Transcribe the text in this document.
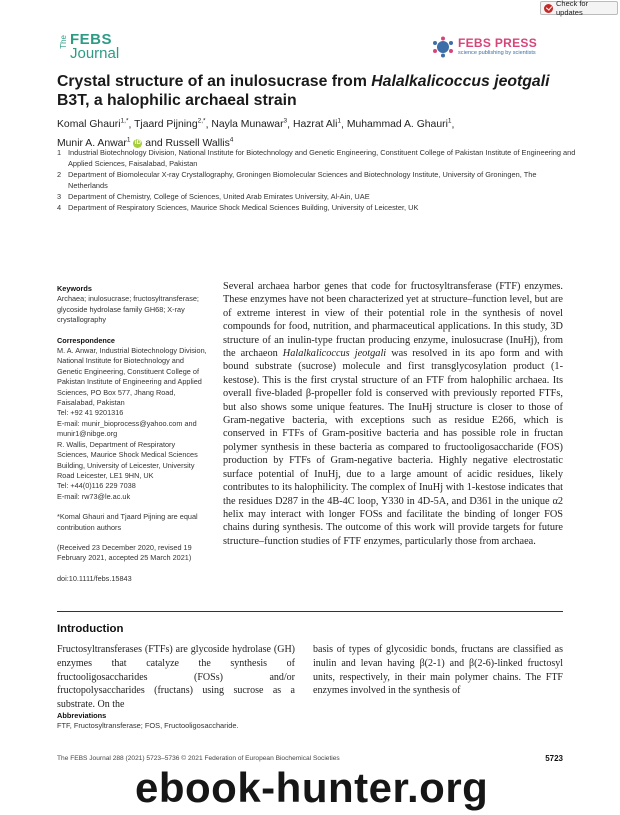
Check for updates
The FEBS
Journal
FEBS PRESS
science publishing by scientists
Crystal structure of an inulosucrase from Halalkalicoccus jeotgali B3T, a halophilic archaeal strain

Komal Ghauri$^{1,*}$, Tjaard Pijning$^{2,*}$, Nayla Munawar$^3$, Hazrat Ali$^1$, Muhammad A. Ghauri$^1$,
Munir A. Anwar$^1$ iD and Russell Wallis$^4$

1 Industrial Biotechnology Division, National Institute for Biotechnology and Genetic Engineering, Constituent College of Pakistan Institute of Engineering and Applied Sciences, Faisalabad, Pakistan
2 Department of Biomolecular X-ray Crystallography, Groningen Biomolecular Sciences and Biotechnology Institute, University of Groningen, The Netherlands
3 Department of Chemistry, College of Sciences, United Arab Emirates University, Al-Ain, UAE
4 Department of Respiratory Sciences, Maurice Shock Medical Sciences Building, University of Leicester, UK

Keywords

Archaea; inulosucrase; fructosyltransferase; glycoside hydrolase family GH68; X-ray crystallography

Correspondence

M. A. Anwar, Industrial Biotechnology Division, National Institute for Biotechnology and Genetic Engineering, Constituent College of Pakistan Institute of Engineering and Applied Sciences, PO Box 577, Jhang Road, Faisalabad, Pakistan

Tel: +92 41 9201316

E-mail: munir_bioprocess@yahoo.com and munir1@nibge.org

R. Wallis, Department of Respiratory Sciences, Maurice Shock Medical Sciences Building, University of Leicester, University Road Leicester, LE1 9HN, UK

Tel: +44(0)116 229 7038

E-mail: rw73@le.ac.uk

*Komal Ghauri and Tjaard Pijning are equal contribution authors

(Received 23 December 2020, revised 19 February 2021, accepted 25 March 2021)

doi:10.1111/febs.15843

Several archaea harbor genes that code for fructosyltransferase (FTF) enzymes. These enzymes have not been characterized yet at structure–function level, but are of extreme interest in view of their potential role in the synthesis of novel compounds for food, nutrition, and pharmaceutical applications. In this study, 3D structure of an inulin-type fructan producing enzyme, inulosucrase (InuHj), from the archaeon Halalkalicoccus jeotgali was resolved in its apo form and with bound substrate (sucrose) molecule and first transglycosylation product (1-kestose). This is the first crystal structure of an FTF from halophilic archaea. Its overall five-bladed β-propeller fold is conserved with previously reported FTFs, but also shows some unique features. The InuHj structure is closer to those of Gram-negative bacteria, with exceptions such as residue E266, which is conserved in FTFs of Gram-positive bacteria and has possible role in fructan polymer synthesis in these bacteria as compared to fructooligosaccharide (FOS) production by FTFs of Gram-negative bacteria. Highly negative electrostatic surface potential of InuHj, due to a large amount of acidic residues, likely contributes to its halophilicity. The complex of InuHj with 1-kestose indicates that the residues D287 in the 4B-4C loop, Y330 in 4D-5A, and D361 in the unique α2 helix may interact with longer FOSs and facilitate the binding of longer FOS chains during synthesis. The outcome of this work will provide targets for future structure–function studies of FTF enzymes, particularly those from archaea.

Introduction

Fructosyltransferases (FTFs) are glycoside hydrolase (GH) enzymes that catalyze the synthesis of fructooligosaccharides (FOSs) and/or fructopolysaccharides (fructans) using sucrose as a substrate. On the

basis of types of glycosidic bonds, fructans are classified as inulin and levan having β(2-1) and β(2-6)-linked fructosyl units, respectively, in their main polymer chains. The FTF enzymes involved in the synthesis of

Abbreviations
FTF, Fructosyltransferase; FOS, Fructooligosaccharide.
The FEBS Journal 288 (2021) 5723–5736 © 2021 Federation of European Biochemical Societies	5723
ebook-hunter.org
